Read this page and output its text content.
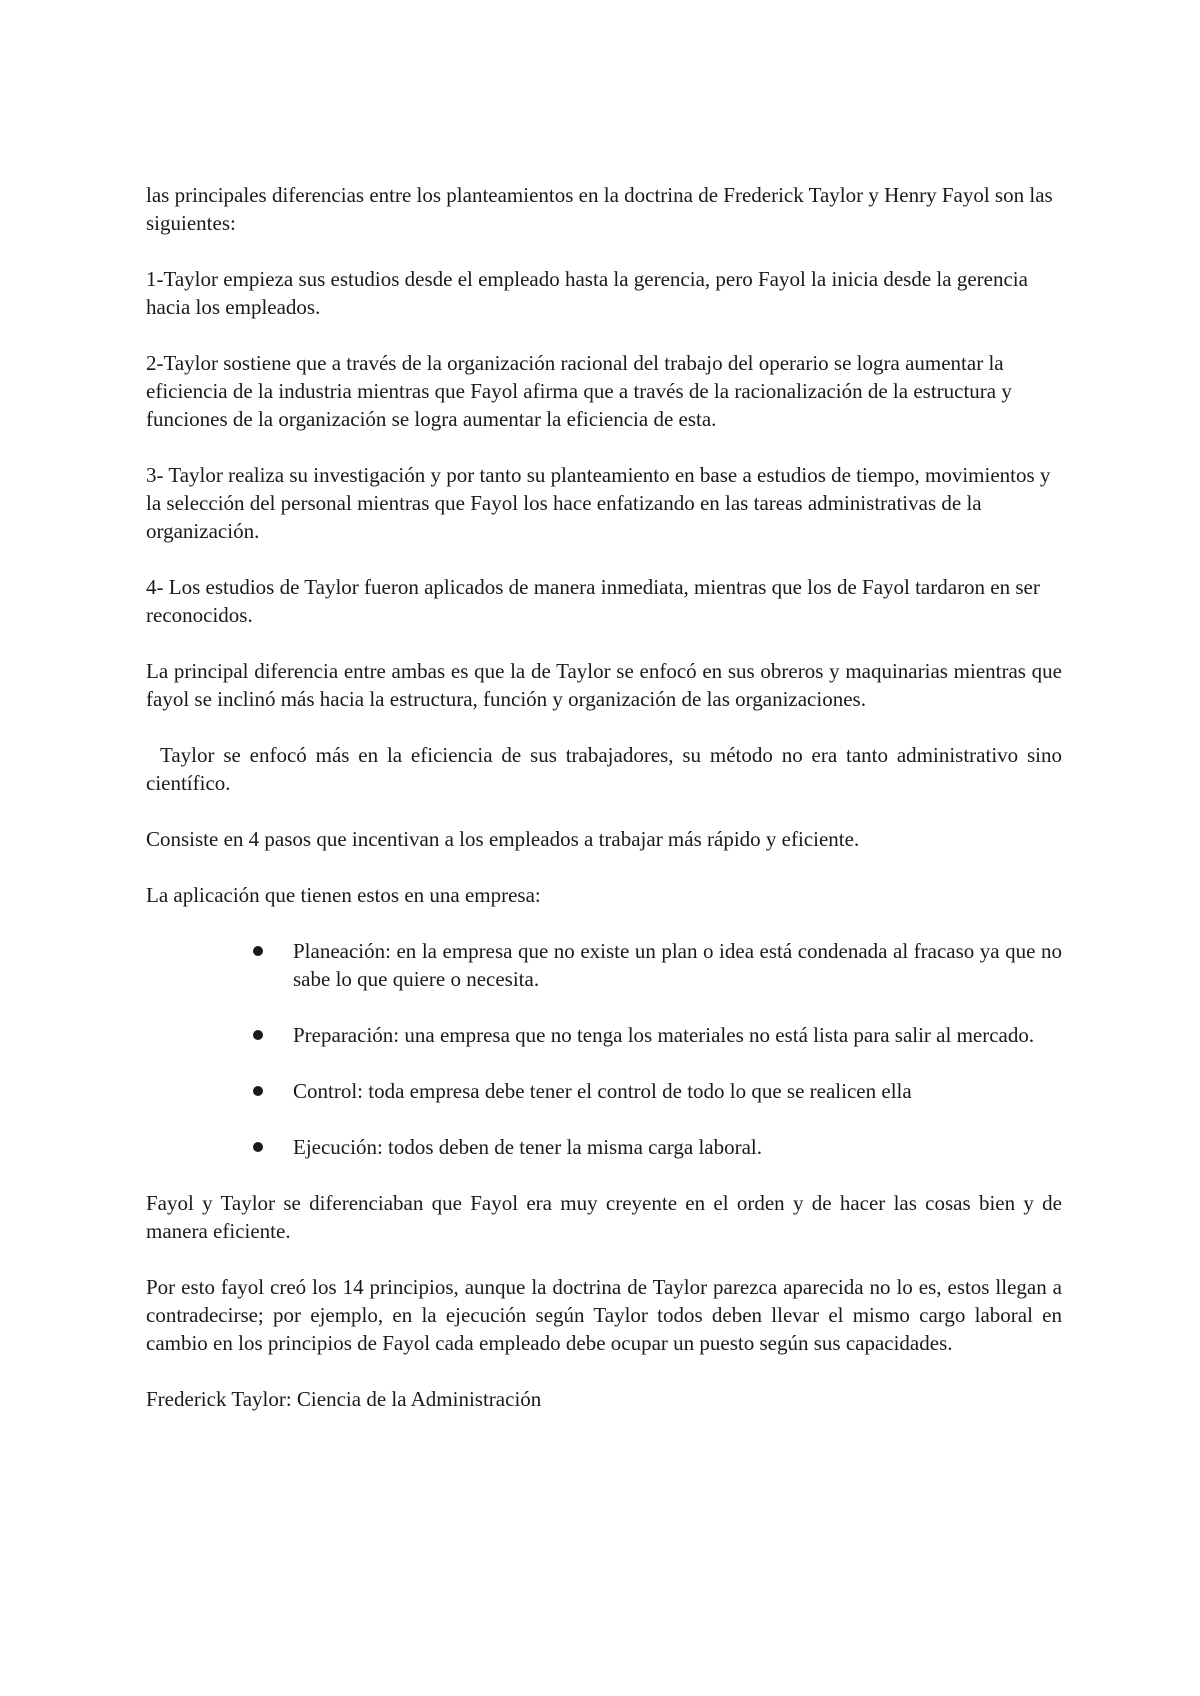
las principales diferencias entre los planteamientos en la doctrina de Frederick Taylor y Henry Fayol son las siguientes:

1-Taylor empieza sus estudios desde el empleado hasta la gerencia, pero Fayol la inicia desde la gerencia hacia los empleados.

2-Taylor sostiene que a través de la organización racional del trabajo del operario se logra aumentar la eficiencia de la industria mientras que Fayol afirma que a través de la racionalización de la estructura y funciones de la organización se logra aumentar la eficiencia de esta.

3- Taylor realiza su investigación y por tanto su planteamiento en base a estudios de tiempo, movimientos y la selección del personal mientras que Fayol los hace enfatizando en las tareas administrativas de la organización.

4- Los estudios de Taylor fueron aplicados de manera inmediata, mientras que los de Fayol tardaron en ser reconocidos.

La principal diferencia entre ambas es que la de Taylor se enfocó en sus obreros y maquinarias mientras que fayol se inclinó más hacia la estructura, función y organización de las organizaciones.

Taylor se enfocó más en la eficiencia de sus trabajadores, su método no era tanto administrativo sino científico.

Consiste en 4 pasos que incentivan a los empleados a trabajar más rápido y eficiente.

La aplicación que tienen estos en una empresa:

Planeación: en la empresa que no existe un plan o idea está condenada al fracaso ya que no sabe lo que quiere o necesita.
Preparación: una empresa que no tenga los materiales no está lista para salir al mercado.
Control: toda empresa debe tener el control de todo lo que se realicen ella
Ejecución: todos deben de tener la misma carga laboral.

Fayol y Taylor se diferenciaban que Fayol era muy creyente en el orden y de hacer las cosas bien y de manera eficiente.

Por esto fayol creó los 14 principios, aunque la doctrina de Taylor parezca aparecida no lo es, estos llegan a contradecirse; por ejemplo, en la ejecución según Taylor todos deben llevar el mismo cargo laboral en cambio en los principios de Fayol cada empleado debe ocupar un puesto según sus capacidades.

Frederick Taylor: Ciencia de la Administración
